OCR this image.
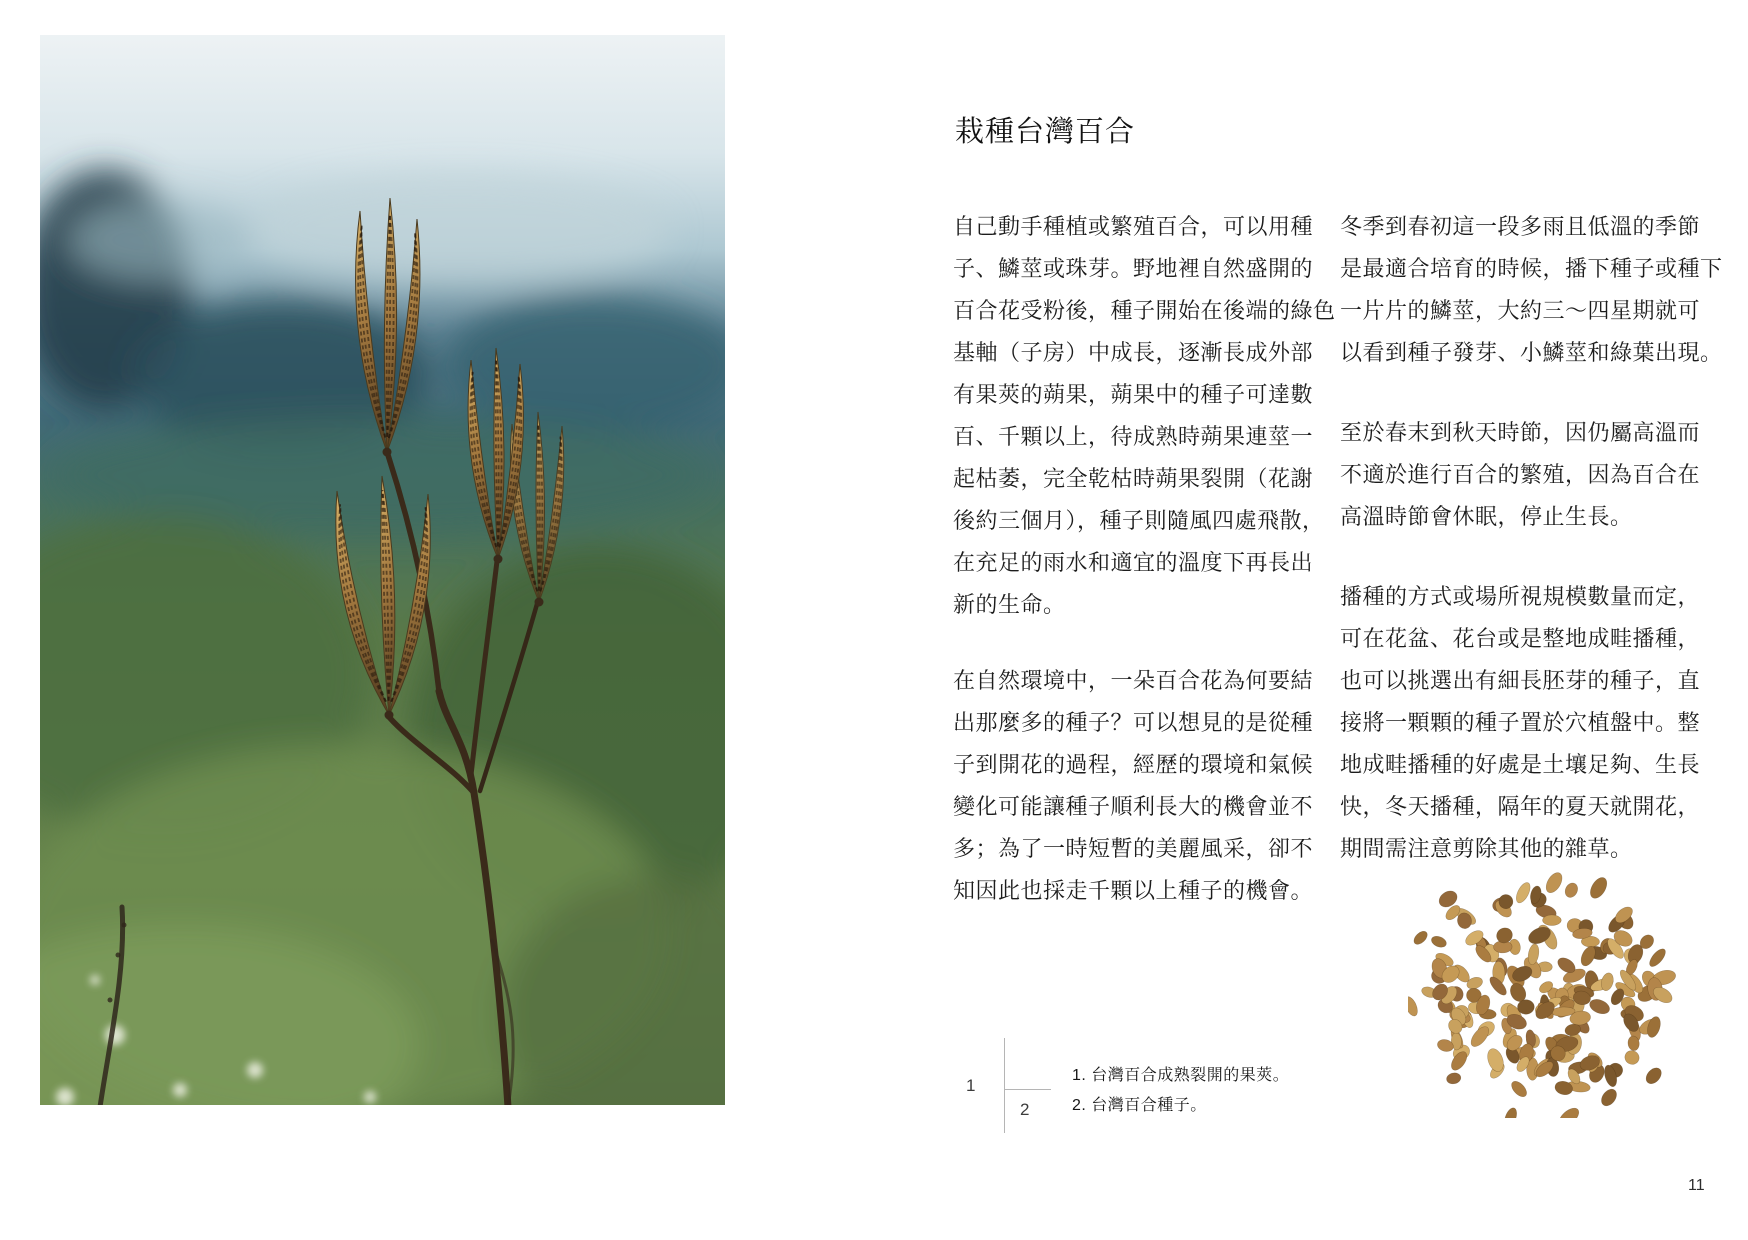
栽種台灣百合
自己動手種植或繁殖百合，可以用種
子、鱗莖或珠芽。野地裡自然盛開的
百合花受粉後，種子開始在後端的綠色
基軸（子房）中成長，逐漸長成外部
有果莢的蒴果，蒴果中的種子可達數
百、千顆以上，待成熟時蒴果連莖一
起枯萎，完全乾枯時蒴果裂開（花謝
後約三個月），種子則隨風四處飛散，
在充足的雨水和適宜的溫度下再長出
新的生命。
在自然環境中，一朵百合花為何要結
出那麼多的種子？可以想見的是從種
子到開花的過程，經歷的環境和氣候
變化可能讓種子順利長大的機會並不
多；為了一時短暫的美麗風采，卻不
知因此也採走千顆以上種子的機會。
冬季到春初這一段多雨且低溫的季節
是最適合培育的時候，播下種子或種下
一片片的鱗莖，大約三～四星期就可
以看到種子發芽、小鱗莖和綠葉出現。
至於春末到秋天時節，因仍屬高溫而
不適於進行百合的繁殖，因為百合在
高溫時節會休眠，停止生長。
播種的方式或場所視規模數量而定，
可在花盆、花台或是整地成畦播種，
也可以挑選出有細長胚芽的種子，直
接將一顆顆的種子置於穴植盤中。整
地成畦播種的好處是土壤足夠、生長
快，冬天播種，隔年的夏天就開花，
期間需注意剪除其他的雜草。
1
2
1. 台灣百合成熟裂開的果莢。
2. 台灣百合種子。
11
